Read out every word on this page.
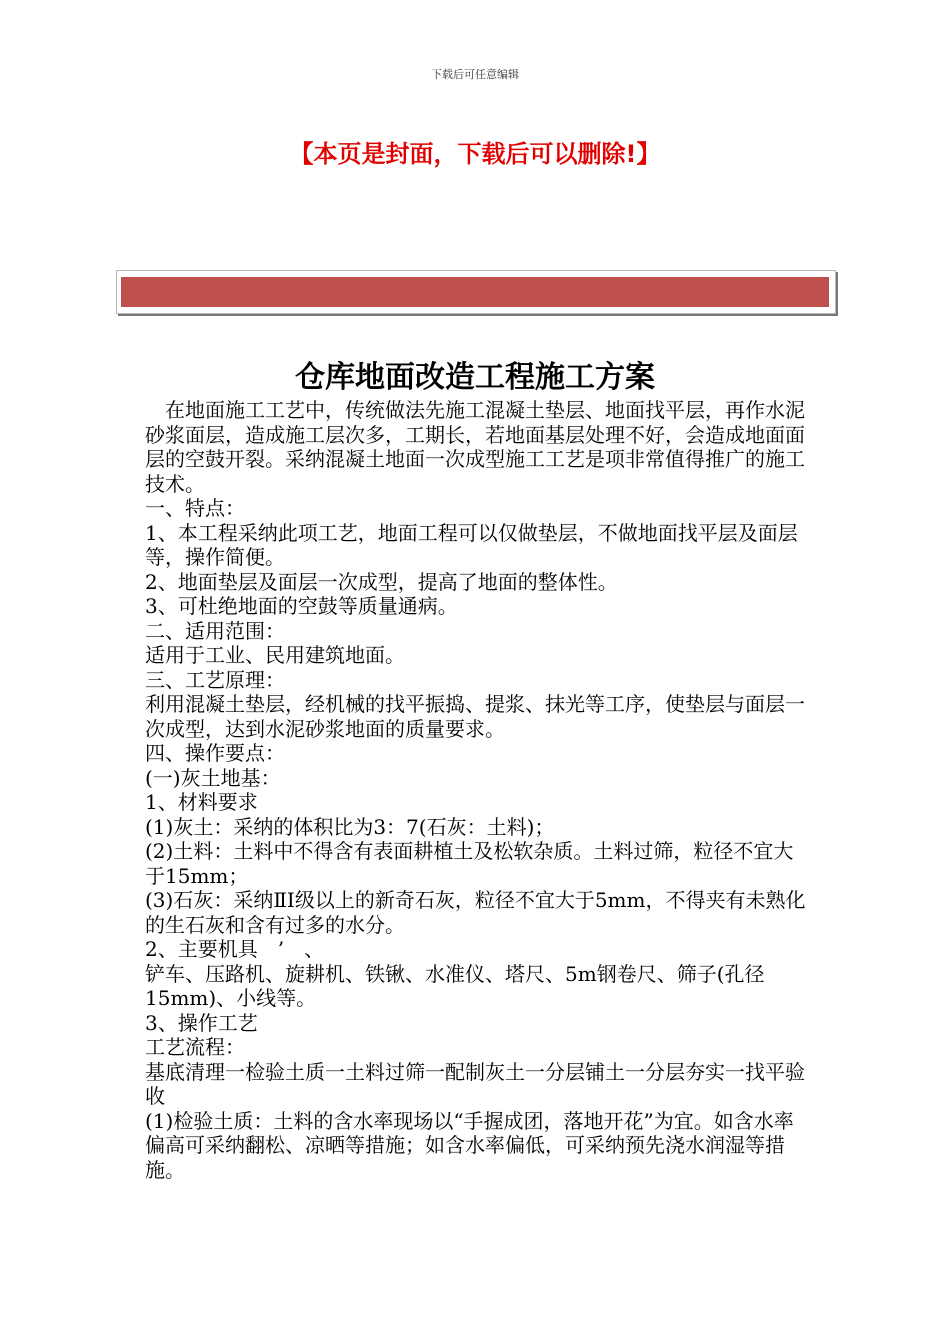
下载后可任意编辑
【本页是封面，下载后可以删除!】
仓库地面改造工程施工方案

　在地面施工工艺中，传统做法先施工混凝土垫层、地面找平层，再作水泥砂浆面层，造成施工层次多，工期长，若地面基层处理不好，会造成地面面层的空鼓开裂。采纳混凝土地面一次成型施工工艺是项非常值得推广的施工技术。

一、特点：

1、本工程采纳此项工艺，地面工程可以仅做垫层，不做地面找平层及面层等，操作简便。

2、地面垫层及面层一次成型，提高了地面的整体性。

3、可杜绝地面的空鼓等质量通病。

二、适用范围：

适用于工业、民用建筑地面。

三、工艺原理：

利用混凝土垫层，经机械的找平振捣、提浆、抹光等工序，使垫层与面层一次成型，达到水泥砂浆地面的质量要求。

四、操作要点：

(一)灰土地基：

1、材料要求

(1)灰土：采纳的体积比为3：7(石灰：土料)；

(2)土料：土料中不得含有表面耕植土及松软杂质。土料过筛，粒径不宜大于15mm；

(3)石灰：采纳ⅡⅠ级以上的新奇石灰，粒径不宜大于5mm，不得夹有未熟化的生石灰和含有过多的水分。

2、主要机具　’　、

铲车、压路机、旋耕机、铁锹、水准仪、塔尺、5m钢卷尺、筛子(孔径15mm)、小线等。

3、操作工艺

工艺流程：

基底清理一检验土质一土料过筛一配制灰土一分层铺土一分层夯实一找平验收

(1)检验土质：土料的含水率现场以“手握成团，落地开花”为宜。如含水率偏高可采纳翻松、凉晒等措施；如含水率偏低，可采纳预先浇水润湿等措施。
